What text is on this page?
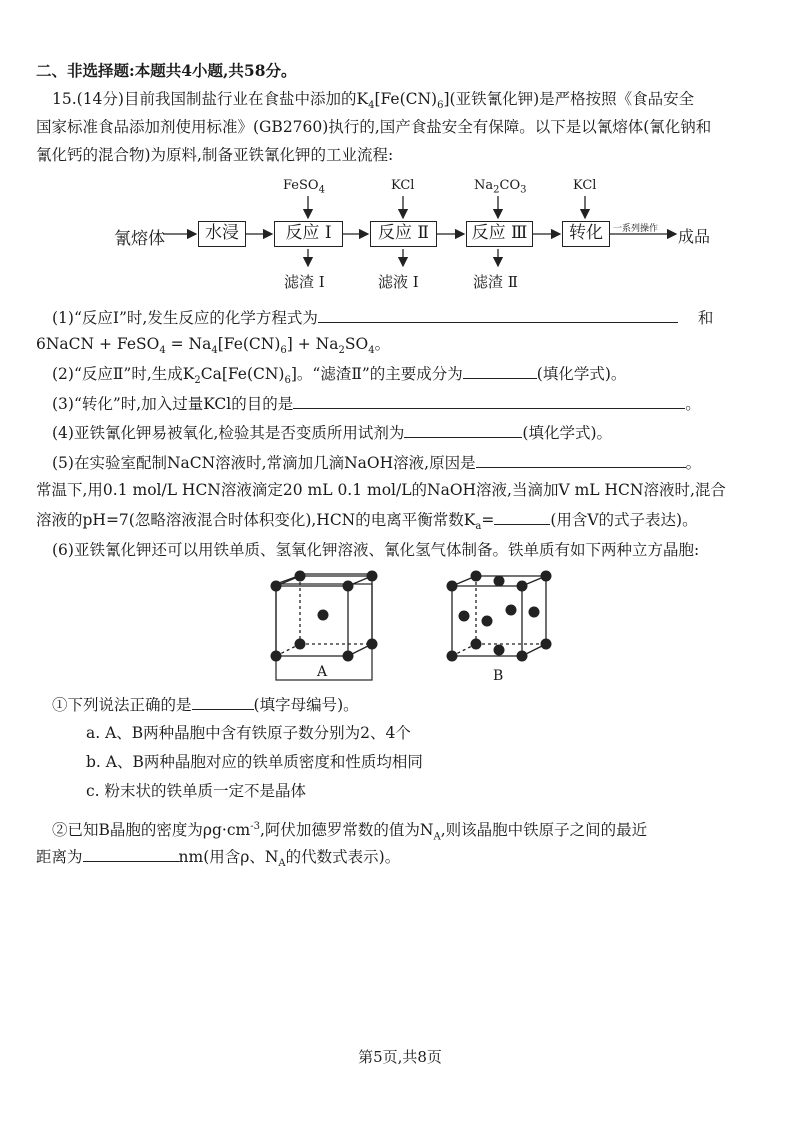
二、非选择题:本题共4小题,共58分。
15.(14分)目前我国制盐行业在食盐中添加的$K_4[Fe(CN)_6]$(亚铁氰化钾)是严格按照《食品安全
国家标准食品添加剂使用标准》(GB2760)执行的,国产食盐安全有保障。以下是以氰熔体(氰化钠和
氰化钙的混合物)为原料,制备亚铁氰化钾的工业流程:
氰熔体	水浸	反应 Ⅰ	反应 Ⅱ	反应 Ⅲ	转化
FeSO$_4$	KCl	$Na_2CO_3$	KCl
一系列操作 成品
滤渣 Ⅰ	滤液 Ⅰ	滤渣 Ⅱ
(1)“反应Ⅰ”时,发生反应的化学方程式为	和
6NaCN + FeSO$_4$ = $Na_4[Fe(CN)_6] + Na_2SO_4$。
(2)“反应Ⅱ”时,生成$K_2Ca[Fe(CN)_6]$。“滤渣Ⅱ”的主要成分为	(填化学式)。
(3)“转化”时,加入过量KCl的目的是	。
(4)亚铁氰化钾易被氧化,检验其是否变质所用试剂为	(填化学式)。
(5)在实验室配制NaCN溶液时,常滴加几滴NaOH溶液,原因是	。
常温下,用0.1 mol/L HCN溶液滴定20 mL 0.1 mol/L的NaOH溶液,当滴加V mL HCN溶液时,混合
溶液的pH=7(忽略溶液混合时体积变化),HCN的电离平衡常数$K_a=$	(用含V的式子表达)。
(6)亚铁氰化钾还可以用铁单质、氢氧化钾溶液、氰化氢气体制备。铁单质有如下两种立方晶胞:
A	B
①下列说法正确的是	(填字母编号)。
a. A、B两种晶胞中含有铁原子数分别为2、4个
b. A、B两种晶胞对应的铁单质密度和性质均相同
c. 粉末状的铁单质一定不是晶体
②已知B晶胞的密度为$\rho g\cdot cm^{-3}$,阿伏加德罗常数的值为$N_A$,则该晶胞中铁原子之间的最近
距离为	nm(用含ρ、$N_A$的代数式表示)。
第5页,共8页
